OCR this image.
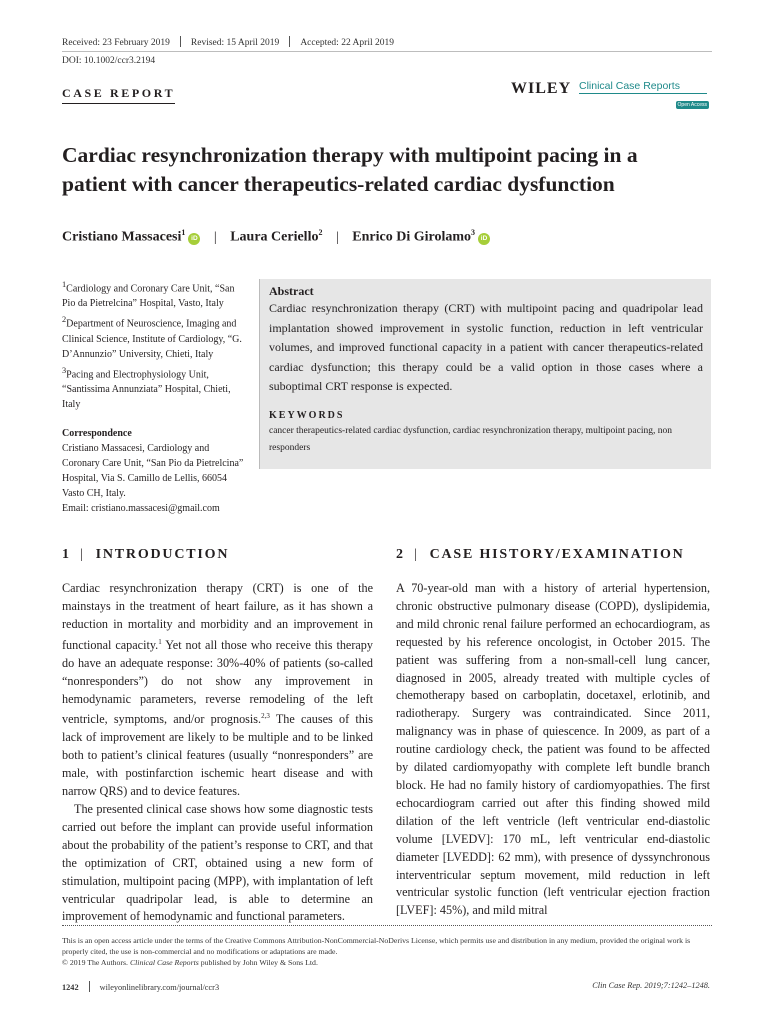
Received: 23 February 2019 Revised: 15 April 2019 Accepted: 22 April 2019
DOI: 10.1002/ccr3.2194
CASE REPORT	WILEY Clinical Case Reports
Open Access
Cardiac resynchronization therapy with multipoint pacing in a
patient with cancer therapeutics-related cardiac dysfunction
Cristiano Massacesi$^1$iD | Laura Ceriello$^2$ | Enrico Di Girolamo$^3$iD

$^1$Cardiology and Coronary Care Unit, “San Pio da Pietrelcina” Hospital, Vasto, Italy

$^2$Department of Neuroscience, Imaging and Clinical Science, Institute of Cardiology, “G. D’Annunzio” University, Chieti, Italy

$^3$Pacing and Electrophysiology Unit, “Santissima Annunziata” Hospital, Chieti, Italy

Correspondence
Cristiano Massacesi, Cardiology and Coronary Care Unit, “San Pio da Pietrelcina” Hospital, Via S. Camillo de Lellis, 66054 Vasto CH, Italy.
Email: cristiano.massacesi@gmail.com
Abstract
Cardiac resynchronization therapy (CRT) with multipoint pacing and quadripolar lead implantation showed improvement in systolic function, reduction in left ventricular volumes, and improved functional capacity in a patient with cancer therapeutics-related cardiac dysfunction; this therapy could be a valid option in those cases where a suboptimal CRT response is expected.
KEYWORDS
cancer therapeutics-related cardiac dysfunction, cardiac resynchronization therapy, multipoint pacing, non responders
1 | INTRODUCTION

Cardiac resynchronization therapy (CRT) is one of the mainstays in the treatment of heart failure, as it has shown a reduction in mortality and morbidity and an improvement in functional capacity.$^1$ Yet not all those who receive this therapy do have an adequate response: 30%-40% of patients (so-called “nonresponders”) do not show any improvement in hemodynamic parameters, reverse remodeling of the left ventricle, symptoms, and/or prognosis.$^{2,3}$ The causes of this lack of improvement are likely to be multiple and to be linked both to patient’s clinical features (usually “nonresponders” are male, with postinfarction ischemic heart disease and with narrow QRS) and to device features.

The presented clinical case shows how some diagnostic tests carried out before the implant can provide useful information about the probability of the patient’s response to CRT, and that the optimization of CRT, obtained using a new form of stimulation, multipoint pacing (MPP), with implantation of left ventricular quadripolar lead, is able to determine an improvement of hemodynamic and functional parameters.

2 | CASE HISTORY/EXAMINATION

A 70-year-old man with a history of arterial hypertension, chronic obstructive pulmonary disease (COPD), dyslipidemia, and mild chronic renal failure performed an echocardiogram, as requested by his reference oncologist, in October 2015. The patient was suffering from a non-small-cell lung cancer, diagnosed in 2005, already treated with multiple cycles of chemotherapy based on carboplatin, docetaxel, erlotinib, and radiotherapy. Surgery was contraindicated. Since 2011, malignancy was in phase of quiescence. In 2009, as part of a routine cardiology check, the patient was found to be affected by dilated cardiomyopathy with complete left bundle branch block. He had no family history of cardiomyopathies. The first echocardiogram carried out after this finding showed mild dilation of the left ventricle (left ventricular end-diastolic volume [LVEDV]: 170 mL, left ventricular end-diastolic diameter [LVEDD]: 62 mm), with presence of dyssynchronous interventricular septum movement, mild reduction in left ventricular systolic function (left ventricular ejection fraction [LVEF]: 45%), and mild mitral

This is an open access article under the terms of the Creative Commons Attribution-NonCommercial-NoDerivs License, which permits use and distribution in any medium, provided the original work is properly cited, the use is non-commercial and no modifications or adaptations are made.
© 2019 The Authors. Clinical Case Reports published by John Wiley & Sons Ltd.
1242	wileyonlinelibrary.com/journal/ccr3	Clin Case Rep. 2019;7:1242–1248.
